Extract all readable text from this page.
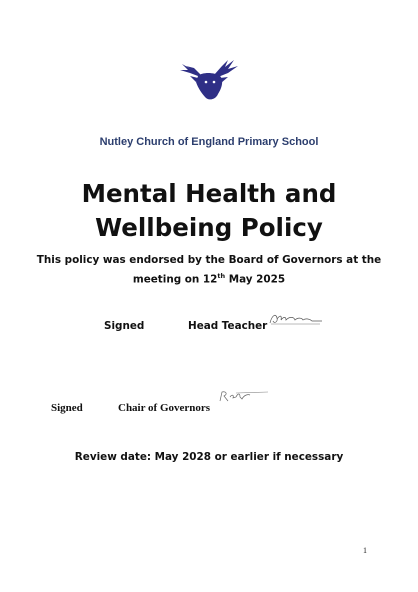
Nutley Church of England Primary School
Mental Health and
Wellbeing Policy
This policy was endorsed by the Board of Governors at the
meeting on 12th May 2025
Signed	Head Teacher
Signed	Chair of Governors
Review date: May 2028 or earlier if necessary
1
